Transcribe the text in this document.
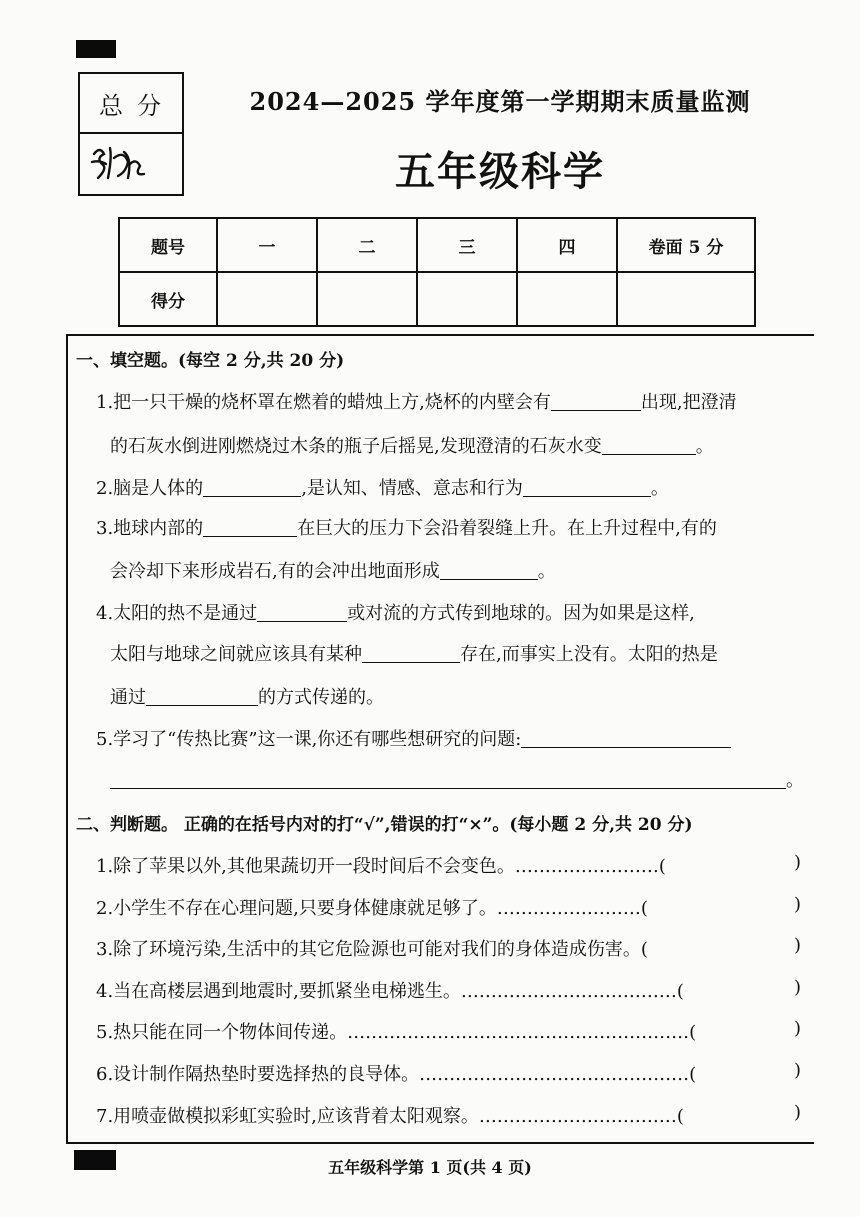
总分	2024—2025 学年度第一学期期末质量监测
五年级科学
题号	一	二	三	四	卷面 5 分
得分					
一、填空题。(每空 2 分,共 20 分)
1.把一只干燥的烧杯罩在燃着的蜡烛上方,烧杯的内壁会有	出现,把澄清
的石灰水倒进刚燃烧过木条的瓶子后摇晃,发现澄清的石灰水变	。
2.脑是人体的	,是认知、情感、意志和行为	。
3.地球内部的	在巨大的压力下会沿着裂缝上升。在上升过程中,有的
会冷却下来形成岩石,有的会冲出地面形成	。
4.太阳的热不是通过	或对流的方式传到地球的。因为如果是这样,
太阳与地球之间就应该具有某种	存在,而事实上没有。太阳的热是
通过	的方式传递的。
5.学习了“传热比赛”这一课,你还有哪些想研究的问题:
。
二、判断题。 正确的在括号内对的打“√”,错误的打“×”。(每小题 2 分,共 20 分)
1.除了苹果以外,其他果蔬切开一段时间后不会变色。……………………(	)
2.小学生不存在心理问题,只要身体健康就足够了。……………………(	)
3.除了环境污染,生活中的其它危险源也可能对我们的身体造成伤害。(	)
4.当在高楼层遇到地震时,要抓紧坐电梯逃生。………………………………(	)
5.热只能在同一个物体间传递。…………………………………………………(	)
6.设计制作隔热垫时要选择热的良导体。………………………………………(	)
7.用喷壶做模拟彩虹实验时,应该背着太阳观察。……………………………(	)
五年级科学第 1 页(共 4 页)
